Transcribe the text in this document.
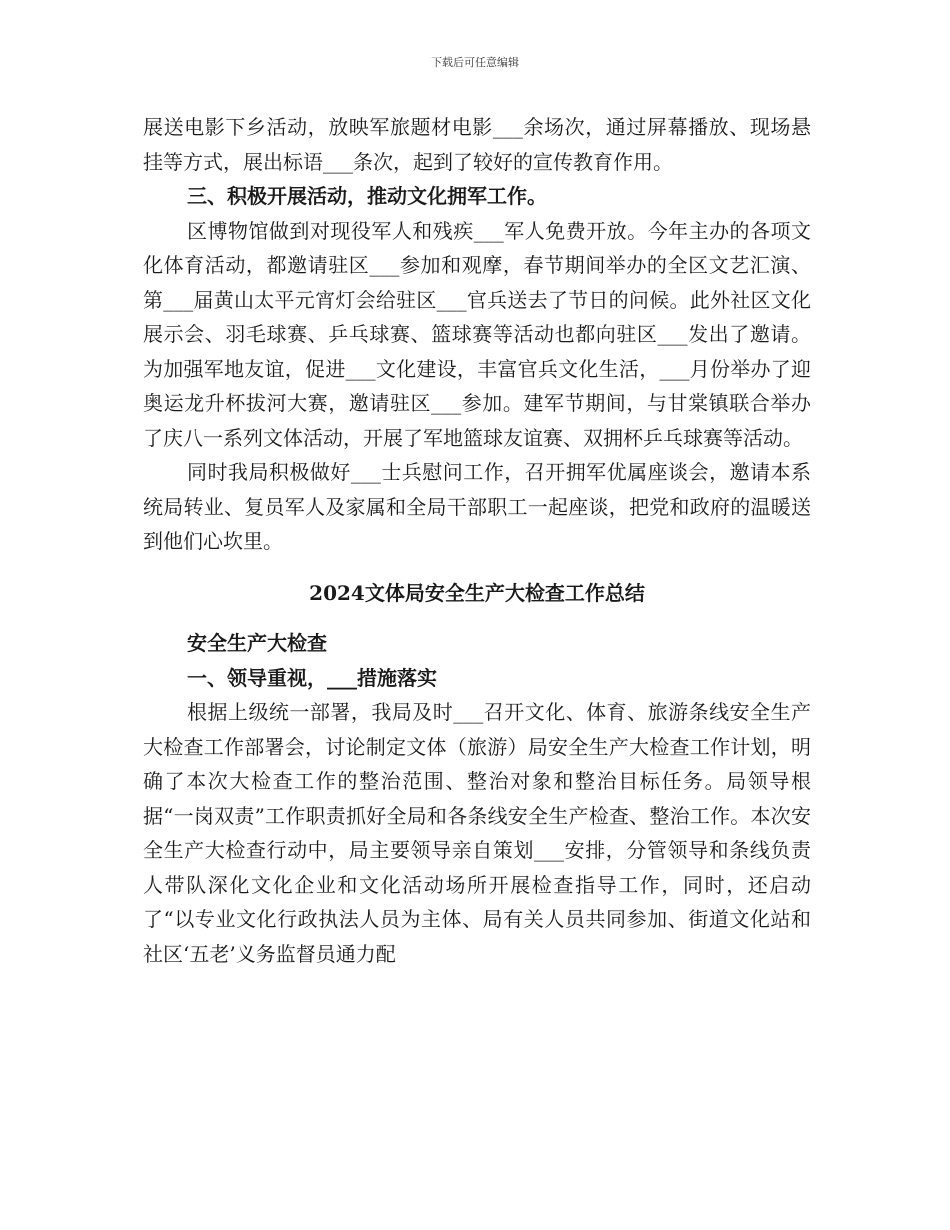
下载后可任意编辑

展送电影下乡活动，放映军旅题材电影___余场次，通过屏幕播放、现场悬挂等方式，展出标语___条次，起到了较好的宣传教育作用。

三、积极开展活动，推动文化拥军工作。

区博物馆做到对现役军人和残疾___军人免费开放。今年主办的各项文化体育活动，都邀请驻区___参加和观摩，春节期间举办的全区文艺汇演、第___届黄山太平元宵灯会给驻区___官兵送去了节日的问候。此外社区文化展示会、羽毛球赛、乒乓球赛、篮球赛等活动也都向驻区___发出了邀请。为加强军地友谊，促进___文化建设，丰富官兵文化生活，___月份举办了迎奥运龙升杯拔河大赛，邀请驻区___参加。建军节期间，与甘棠镇联合举办了庆八一系列文体活动，开展了军地篮球友谊赛、双拥杯乒乓球赛等活动。

同时我局积极做好___士兵慰问工作，召开拥军优属座谈会，邀请本系统局转业、复员军人及家属和全局干部职工一起座谈，把党和政府的温暖送到他们心坎里。

2024文体局安全生产大检查工作总结

安全生产大检查

一、领导重视，___措施落实

根据上级统一部署，我局及时___召开文化、体育、旅游条线安全生产大检查工作部署会，讨论制定文体（旅游）局安全生产大检查工作计划，明确了本次大检查工作的整治范围、整治对象和整治目标任务。局领导根据“一岗双责”工作职责抓好全局和各条线安全生产检查、整治工作。本次安全生产大检查行动中，局主要领导亲自策划___安排，分管领导和条线负责人带队深化文化企业和文化活动场所开展检查指导工作，同时，还启动了“以专业文化行政执法人员为主体、局有关人员共同参加、街道文化站和社区‘五老’义务监督员通力配
